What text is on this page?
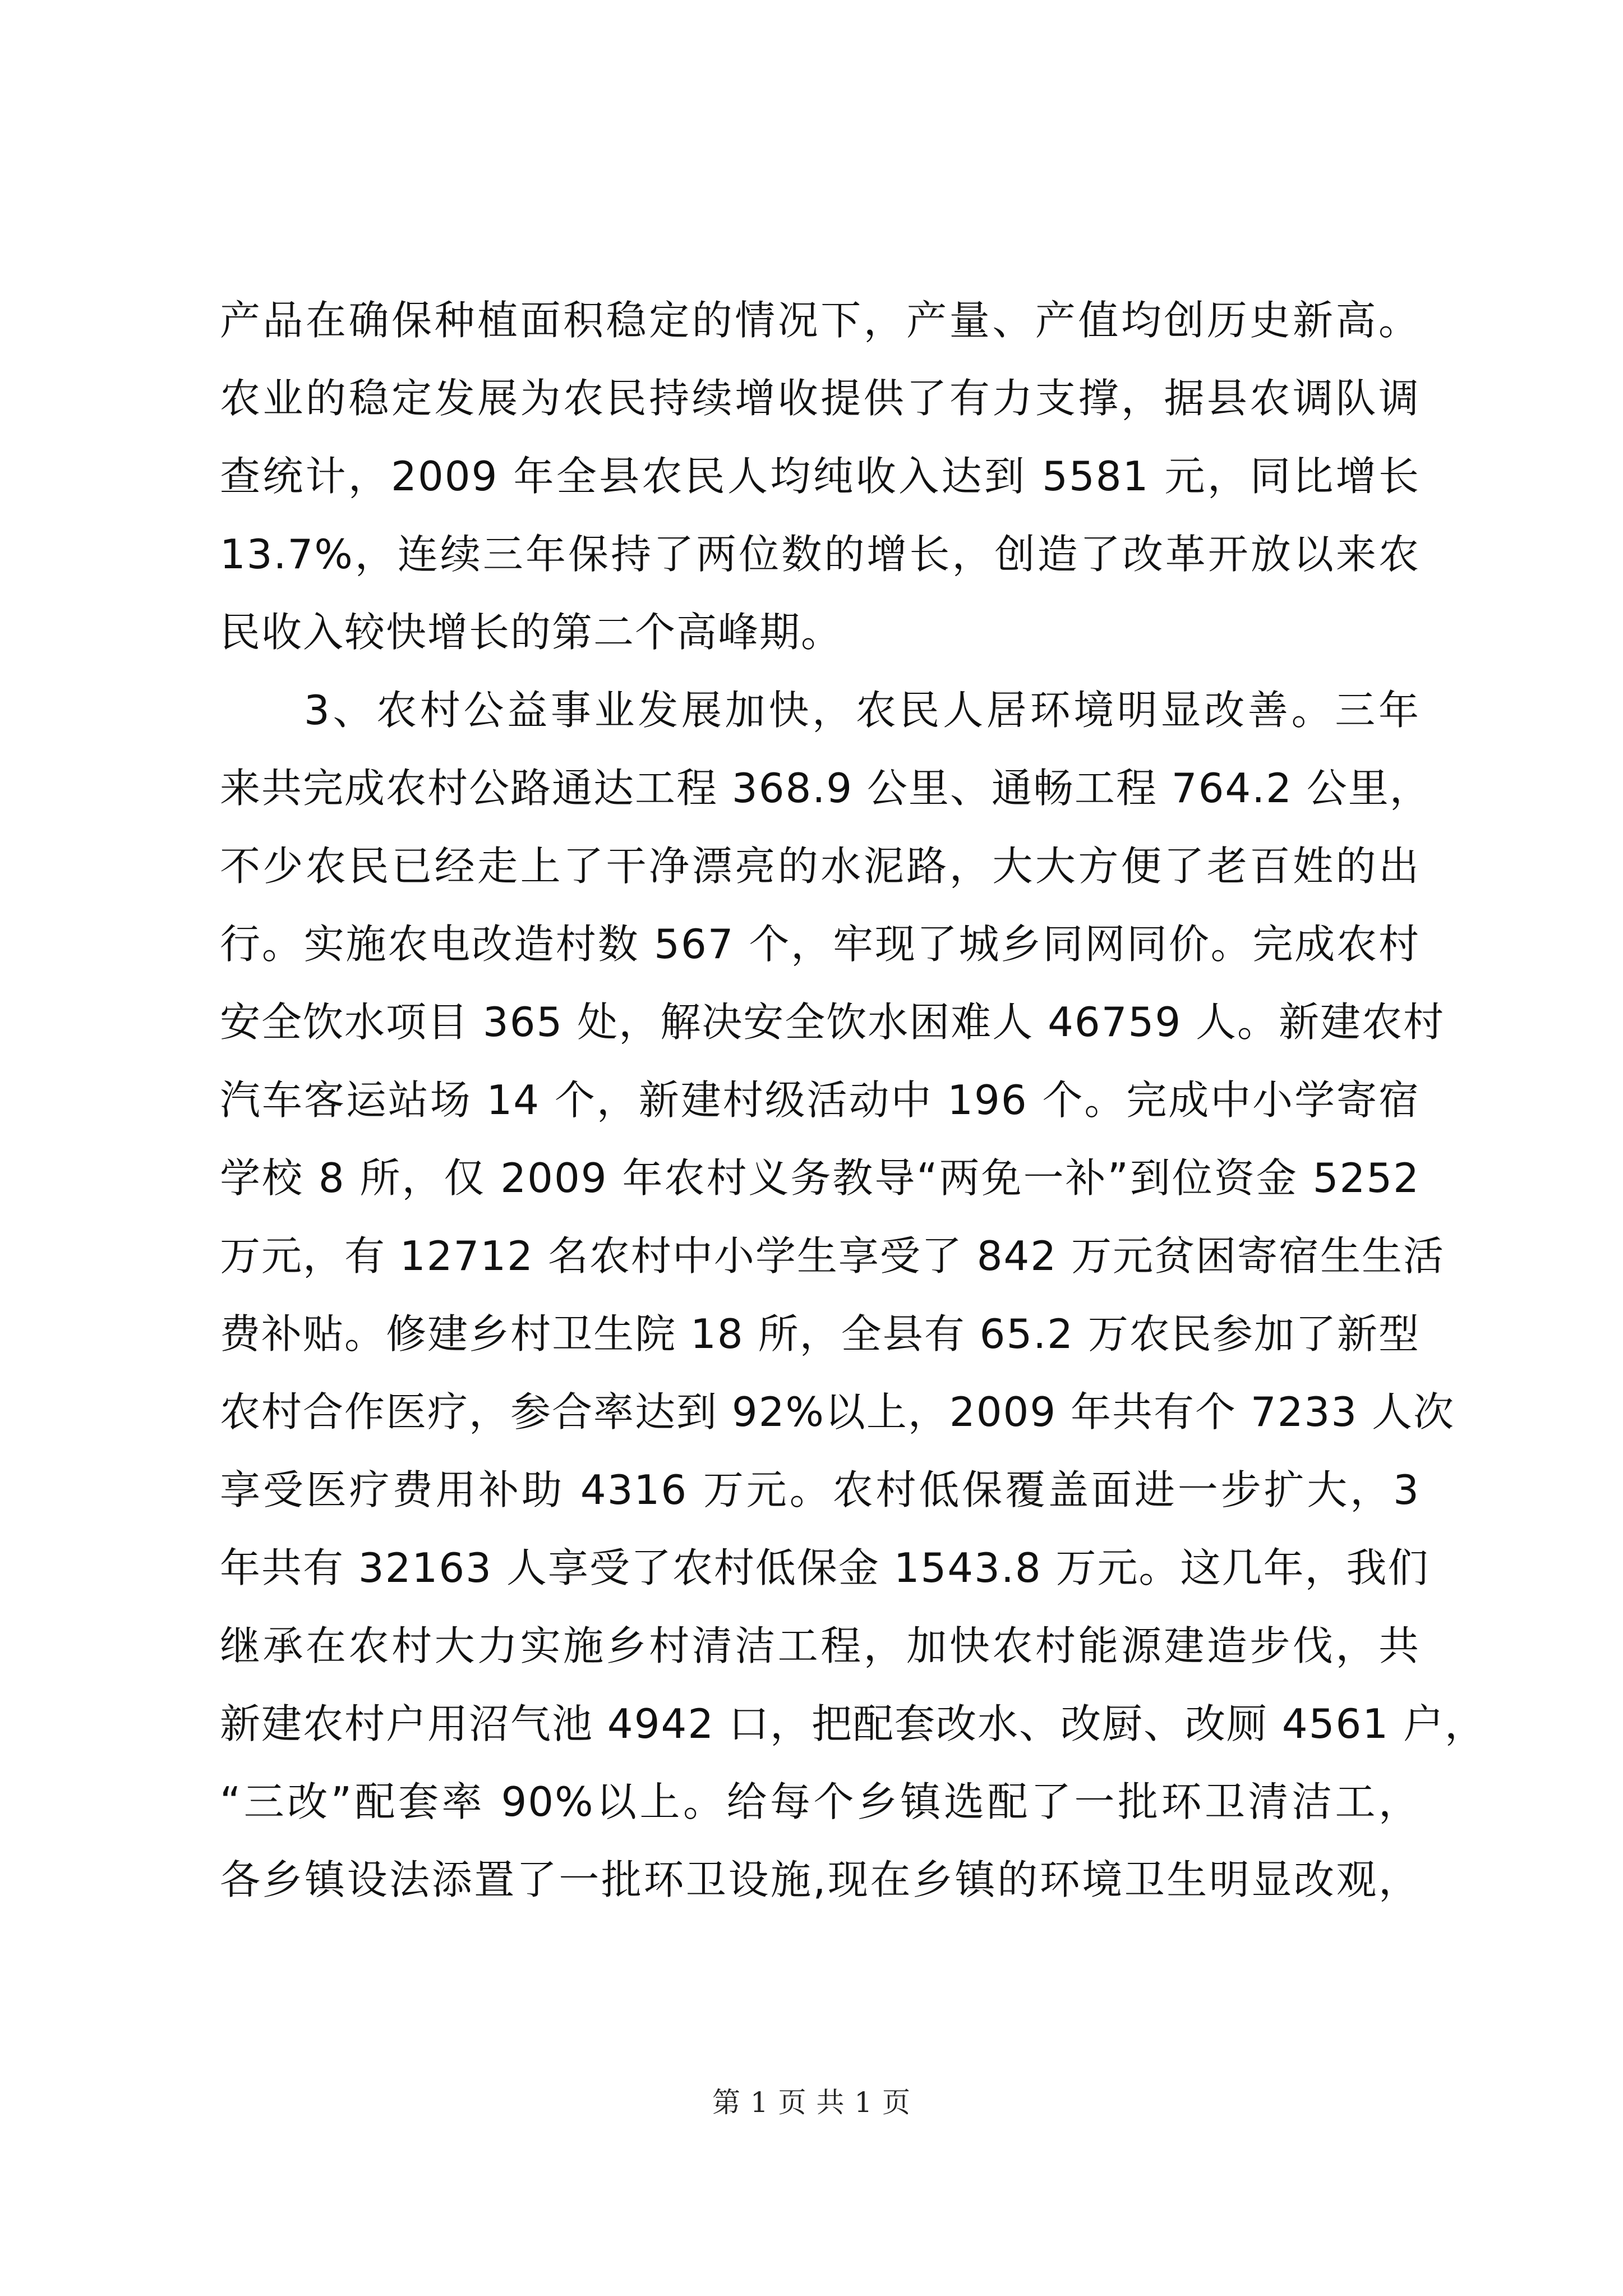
产品在确保种植面积稳定的情况下，产量、产值均创历史新高。
农业的稳定发展为农民持续增收提供了有力支撑，据县农调队调
查统计，2009 年全县农民人均纯收入达到 5581 元，同比增长
13.7%，连续三年保持了两位数的增长，创造了改革开放以来农
民收入较快增长的第二个高峰期。
3、农村公益事业发展加快，农民人居环境明显改善。三年
来共完成农村公路通达工程 368.9 公里、通畅工程 764.2 公里，
不少农民已经走上了干净漂亮的水泥路，大大方便了老百姓的出
行。实施农电改造村数 567 个，牢现了城乡同网同价。完成农村
安全饮水项目 365 处，解决安全饮水困难人 46759 人。新建农村
汽车客运站场 14 个，新建村级活动中 196 个。完成中小学寄宿
学校 8 所，仅 2009 年农村义务教导“两免一补”到位资金 5252
万元，有 12712 名农村中小学生享受了 842 万元贫困寄宿生生活
费补贴。修建乡村卫生院 18 所，全县有 65.2 万农民参加了新型
农村合作医疗，参合率达到 92%以上，2009 年共有个 7233 人次
享受医疗费用补助 4316 万元。农村低保覆盖面进一步扩大，3
年共有 32163 人享受了农村低保金 1543.8 万元。这几年，我们
继承在农村大力实施乡村清洁工程，加快农村能源建造步伐，共
新建农村户用沼气池 4942 口，把配套改水、改厨、改厕 4561 户，
“三改”配套率 90%以上。给每个乡镇选配了一批环卫清洁工，
各乡镇设法添置了一批环卫设施,现在乡镇的环境卫生明显改观，
第 1 页 共 1 页
